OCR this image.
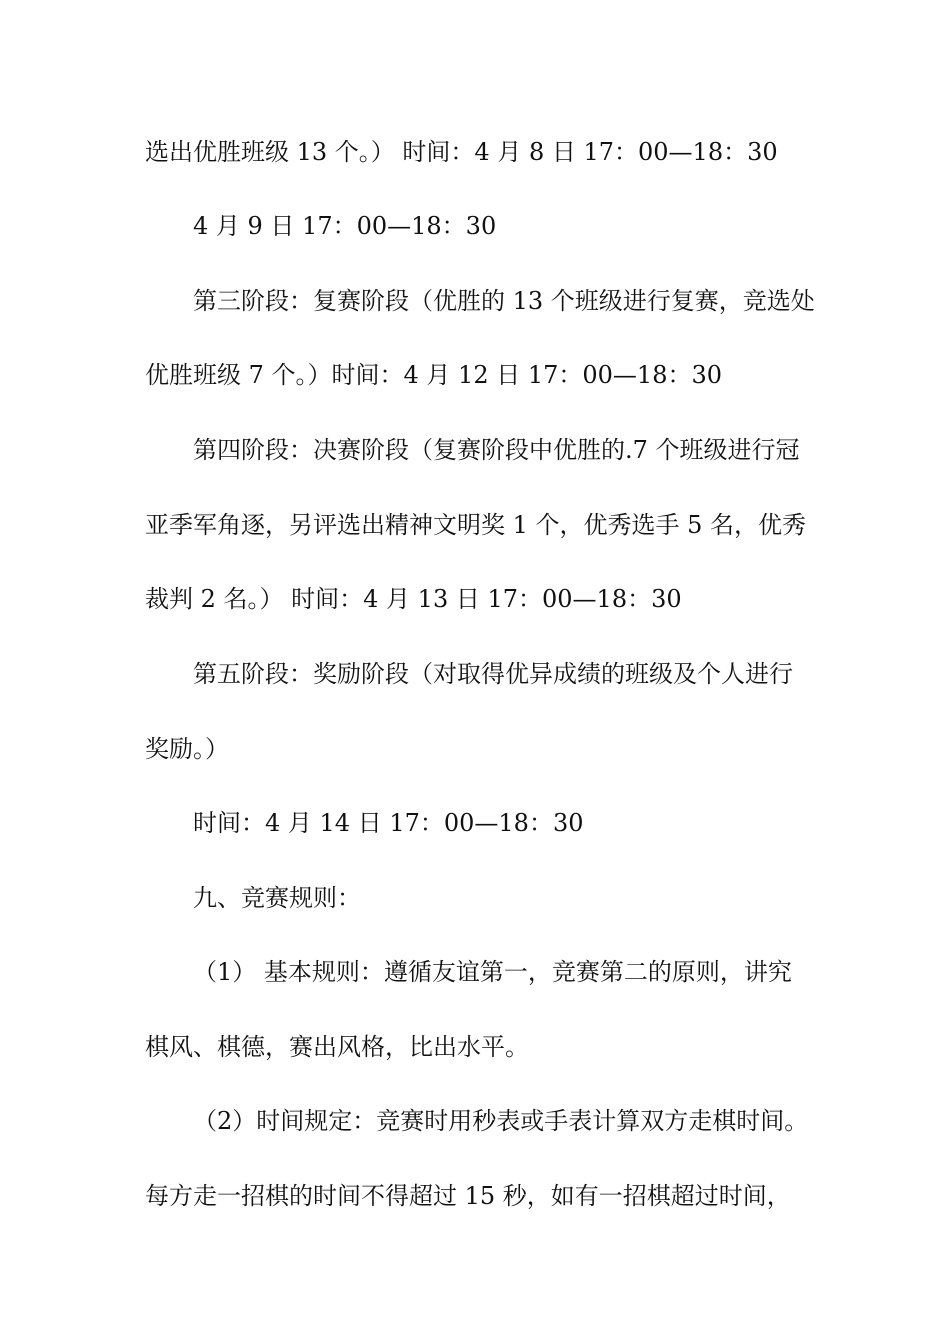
选出优胜班级 13 个。） 时间：4 月 8 日 17：00—18：30
4 月 9 日 17：00—18：30
第三阶段：复赛阶段（优胜的 13 个班级进行复赛，竞选处
优胜班级 7 个。）时间：4 月 12 日 17：00—18：30
第四阶段：决赛阶段（复赛阶段中优胜的.7 个班级进行冠
亚季军角逐，另评选出精神文明奖 1 个，优秀选手 5 名，优秀
裁判 2 名。） 时间：4 月 13 日 17：00—18：30
第五阶段：奖励阶段（对取得优异成绩的班级及个人进行
奖励。）
时间：4 月 14 日 17：00—18：30
九、竞赛规则：
（1） 基本规则：遵循友谊第一，竞赛第二的原则，讲究
棋风、棋德，赛出风格，比出水平。
（2）时间规定：竞赛时用秒表或手表计算双方走棋时间。
每方走一招棋的时间不得超过 15 秒，如有一招棋超过时间，
